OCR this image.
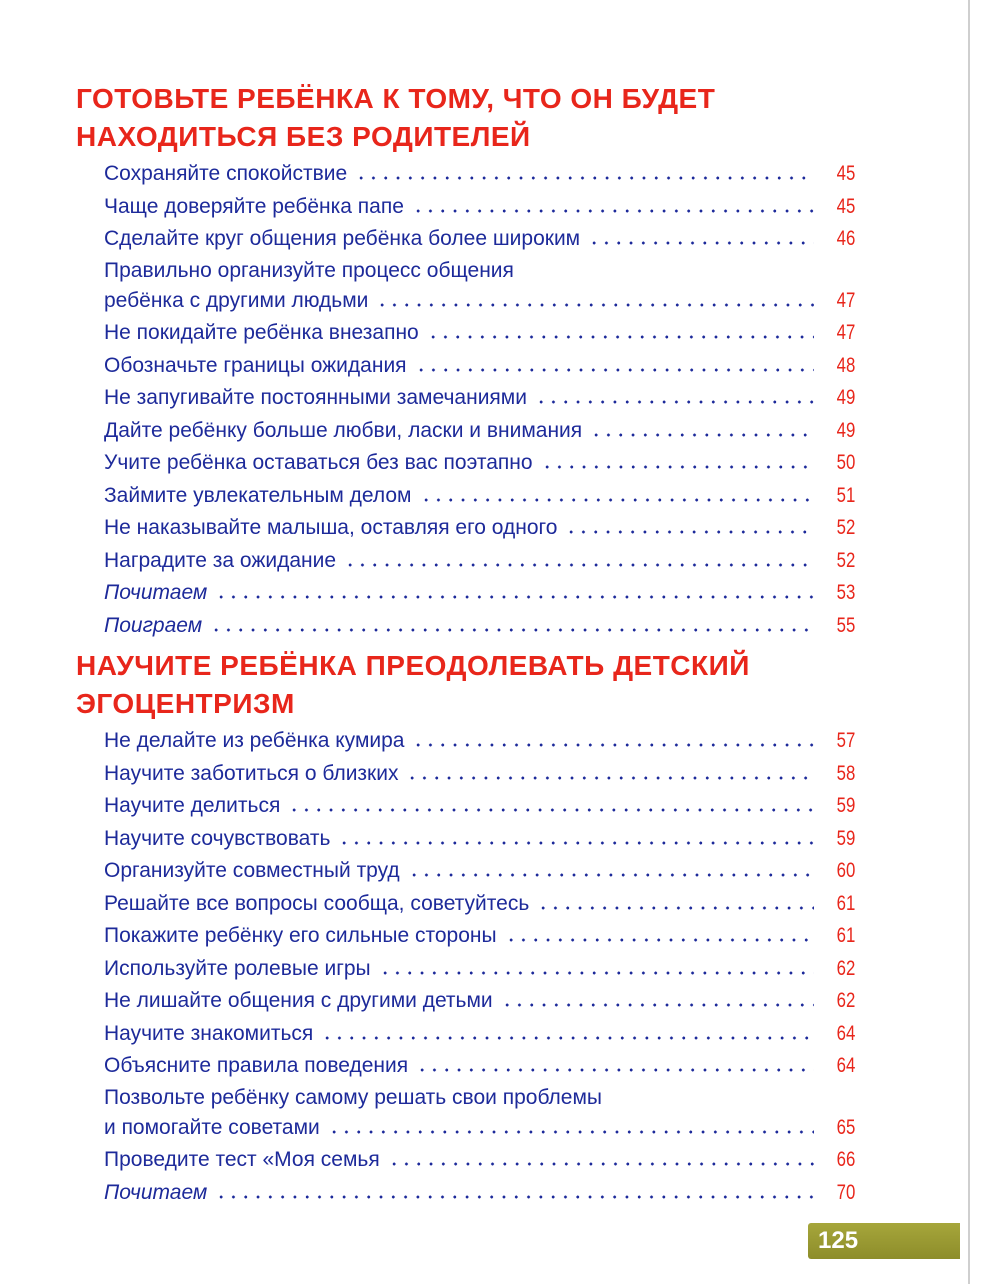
ГОТОВЬТЕ РЕБЁНКА К ТОМУ, ЧТО ОН БУДЕТ
НАХОДИТЬСЯ БЕЗ РОДИТЕЛЕЙ
Сохраняйте спокойствие	45
Чаще доверяйте ребёнка папе	45
Сделайте круг общения ребёнка более широким	46
Правильно организуйте процесс общения
ребёнка с другими людьми	47
Не покидайте ребёнка внезапно	47
Обозначьте границы ожидания	48
Не запугивайте постоянными замечаниями	49
Дайте ребёнку больше любви, ласки и внимания	49
Учите ребёнка оставаться без вас поэтапно	50
Займите увлекательным делом	51
Не наказывайте малыша, оставляя его одного	52
Наградите за ожидание	52
Почитаем	53
Поиграем	55
НАУЧИТЕ РЕБЁНКА ПРЕОДОЛЕВАТЬ ДЕТСКИЙ
ЭГОЦЕНТРИЗМ
Не делайте из ребёнка кумира	57
Научите заботиться о близких	58
Научите делиться	59
Научите сочувствовать	59
Организуйте совместный труд	60
Решайте все вопросы сообща, советуйтесь	61
Покажите ребёнку его сильные стороны	61
Используйте ролевые игры	62
Не лишайте общения с другими детьми	62
Научите знакомиться	64
Объясните правила поведения	64
Позвольте ребёнку самому решать свои проблемы
и помогайте советами	65
Проведите тест «Моя семья	66
Почитаем	70
125
